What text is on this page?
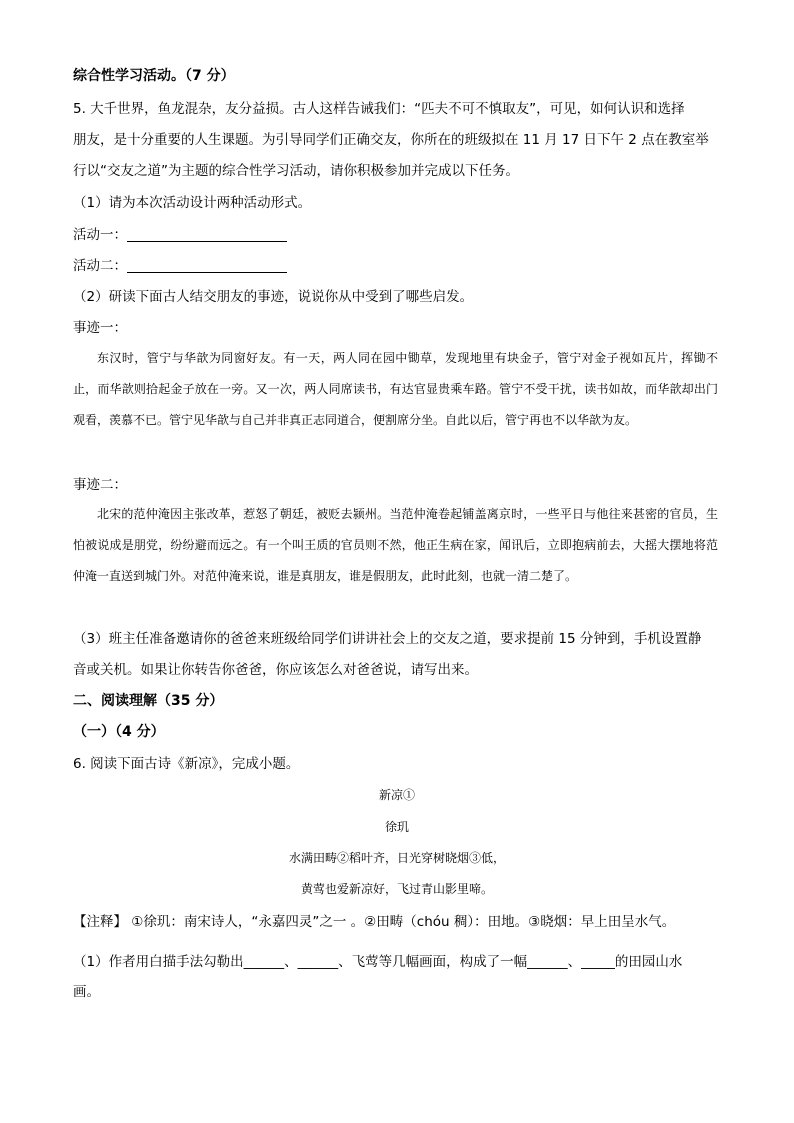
综合性学习活动。（7 分）
5. 大千世界，鱼龙混杂，友分益损。古人这样告诫我们：“匹夫不可不慎取友”，可见，如何认识和选择
朋友，是十分重要的人生课题。为引导同学们正确交友，你所在的班级拟在 11 月 17 日下午 2 点在教室举
行以“交友之道”为主题的综合性学习活动，请你积极参加并完成以下任务。
（1）请为本次活动设计两种活动形式。
活动一：
活动二：
（2）研读下面古人结交朋友的事迹，说说你从中受到了哪些启发。
事迹一：
东汉时，管宁与华歆为同窗好友。有一天，两人同在园中锄草，发现地里有块金子，管宁对金子视如瓦片，挥锄不止，而华歆则拾起金子放在一旁。又一次，两人同席读书，有达官显贵乘车路。管宁不受干扰，读书如故，而华歆却出门观看，羡慕不已。管宁见华歆与自己并非真正志同道合，便割席分坐。自此以后，管宁再也不以华歆为友。
事迹二：
北宋的范仲淹因主张改革，惹怒了朝廷，被贬去颍州。当范仲淹卷起铺盖离京时，一些平日与他往来甚密的官员，生怕被说成是朋党，纷纷避而远之。有一个叫王质的官员则不然，他正生病在家，闻讯后，立即抱病前去，大摇大摆地将范仲淹一直送到城门外。对范仲淹来说，谁是真朋友，谁是假朋友，此时此刻，也就一清二楚了。
（3）班主任准备邀请你的爸爸来班级给同学们讲讲社会上的交友之道，要求提前 15 分钟到，手机设置静
音或关机。如果让你转告你爸爸，你应该怎么对爸爸说，请写出来。
二、阅读理解（35 分）
（一）（4 分）
6. 阅读下面古诗《新凉》，完成小题。
新凉①
徐玑
水满田畴②稻叶齐，日光穿树晓烟③低，
黄莺也爱新凉好，飞过青山影里啼。
【注释】 ①徐玑：南宋诗人，“永嘉四灵”之一 。②田畴（chóu 稠）：田地。③晓烟：早上田呈水气。
（1）作者用白描手法勾勒出______、______、飞莺等几幅画面，构成了一幅______、_____的田园山水
画。
